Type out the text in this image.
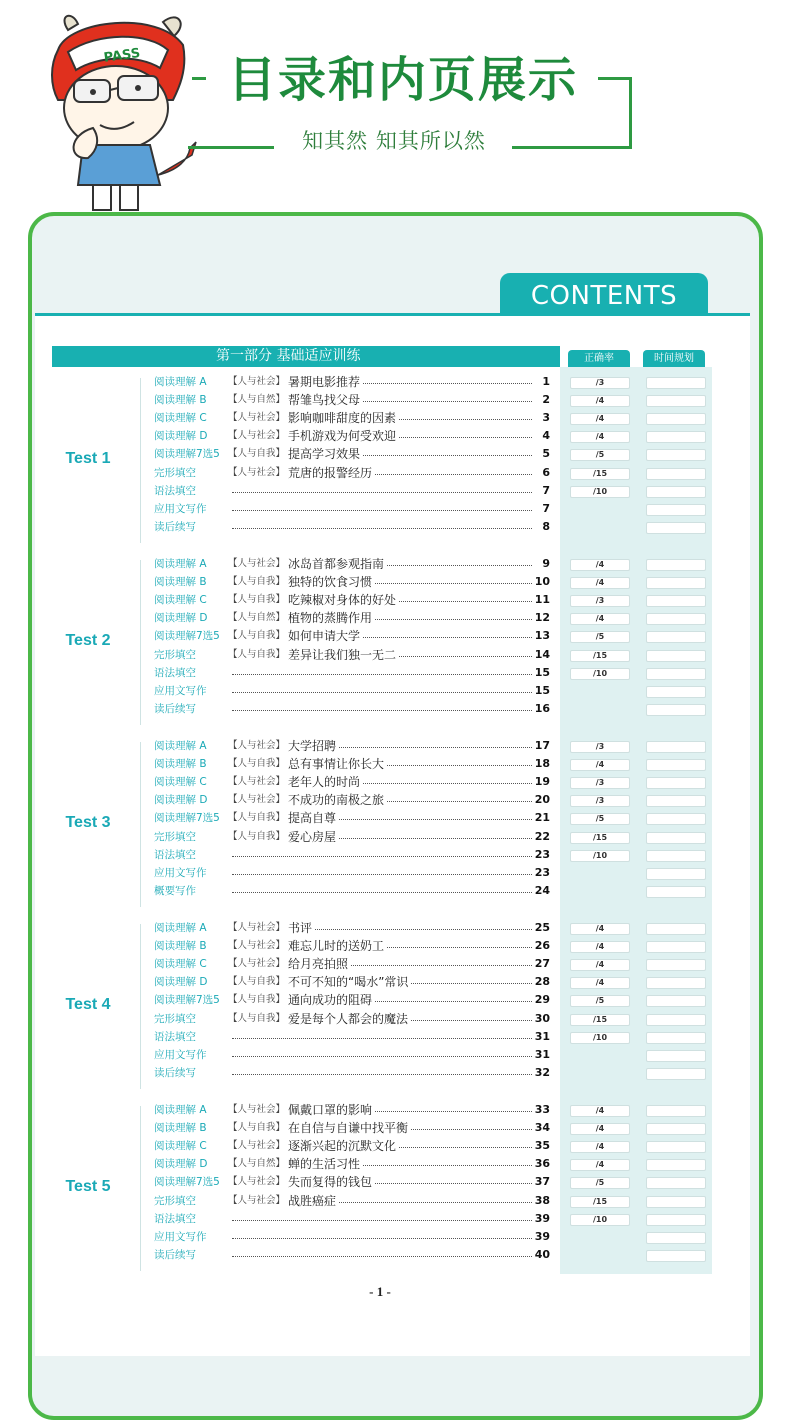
PASS	目录和内页展示
知其然 知其所以然
CONTENTS
第一部分 基础适应训练	正确率	时间规划
阅读理解 A	【人与社会】 暑期电影推荐	1	/3
阅读理解 B	【人与自然】 帮雏鸟找父母	2	/4
阅读理解 C	【人与社会】 影响咖啡甜度的因素	3	/4
阅读理解 D	【人与社会】 手机游戏为何受欢迎	4	/4
阅读理解7选5 【人与自我】 提高学习效果	5	/5
完形填空	【人与社会】 荒唐的报警经历	6	/15
语法填空	7	/10
应用文写作	7
读后续写	8
阅读理解 A	【人与社会】 冰岛首都参观指南	9	/4
阅读理解 B	【人与自我】 独特的饮食习惯	10	/4
阅读理解 C	【人与自我】 吃辣椒对身体的好处	11	/3
阅读理解 D	【人与自然】 植物的蒸腾作用	12	/4
阅读理解7选5 【人与自我】 如何申请大学	13	/5
完形填空	【人与自我】 差异让我们独一无二	14	/15
语法填空	15	/10
应用文写作	15
读后续写	16
阅读理解 A	【人与社会】 大学招聘	17	/3
阅读理解 B	【人与自我】 总有事情让你长大	18	/4
阅读理解 C	【人与社会】 老年人的时尚	19	/3
阅读理解 D	【人与社会】 不成功的南极之旅	20	/3
阅读理解7选5 【人与自我】 提高自尊	21	/5
完形填空	【人与自我】 爱心房屋	22	/15
语法填空	23	/10
应用文写作	23
概要写作	24
阅读理解 A	【人与社会】 书评	25	/4
阅读理解 B	【人与社会】 难忘儿时的送奶工	26	/4
阅读理解 C	【人与社会】 给月亮拍照	27	/4
阅读理解 D	【人与自我】 不可不知的“喝水”常识	28	/4
阅读理解7选5 【人与自我】 通向成功的阻碍	29	/5
完形填空	【人与自我】 爱是每个人都会的魔法	30	/15
语法填空	31	/10
应用文写作	31
读后续写	32
阅读理解 A	【人与社会】 佩戴口罩的影响	33	/4
阅读理解 B	【人与自我】 在自信与自谦中找平衡	34	/4
阅读理解 C	【人与社会】 逐渐兴起的沉默文化	35	/4
阅读理解 D	【人与自然】 蝉的生活习性	36	/4
阅读理解7选5 【人与社会】 失而复得的钱包	37	/5
完形填空	【人与社会】 战胜癌症	38	/15
语法填空	39	/10
应用文写作	39
读后续写	40
- 1 -
Test 1
Test 2
Test 3
Test 4
Test 5
